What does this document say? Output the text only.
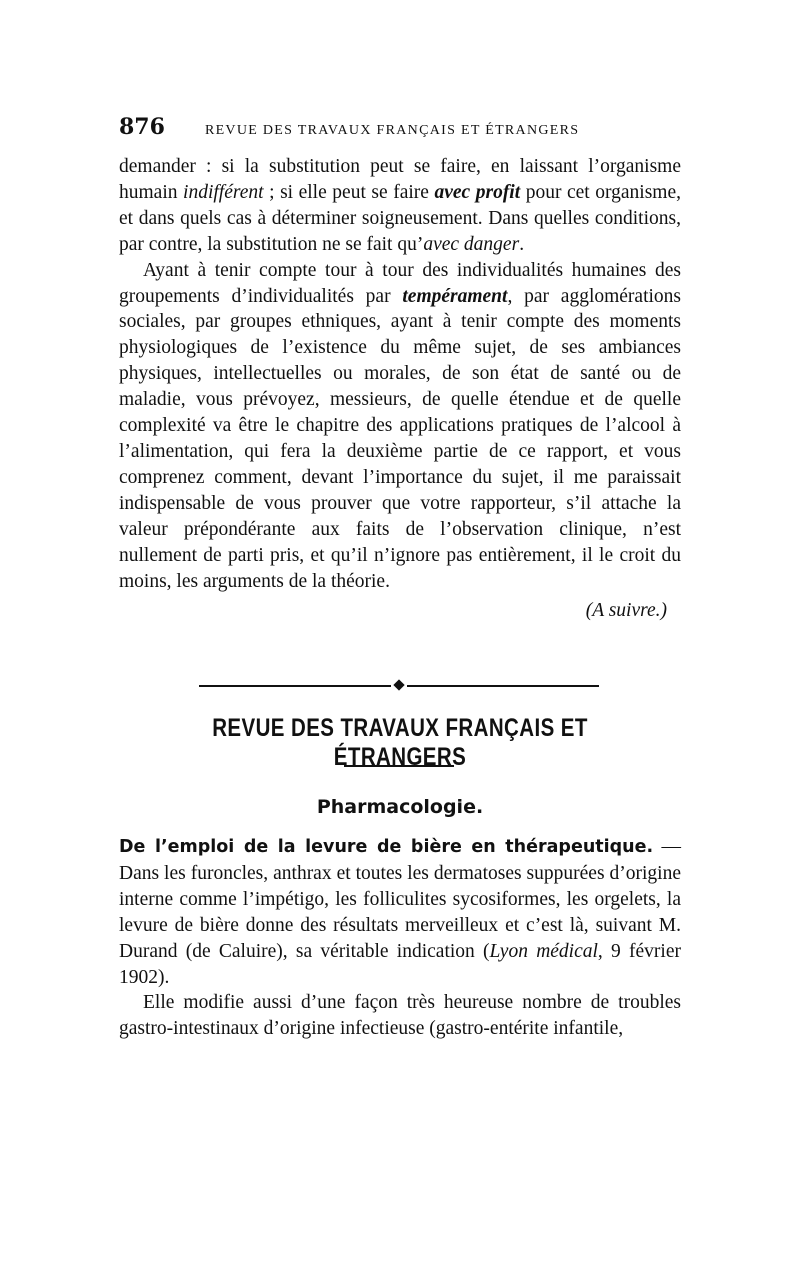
876	REVUE DES TRAVAUX FRANÇAIS ET ÉTRANGERS

demander : si la substitution peut se faire, en laissant l’organisme humain indifférent ; si elle peut se faire avec profit pour cet organisme, et dans quels cas à déterminer soigneusement. Dans quelles conditions, par contre, la substitution ne se fait qu’avec danger.

Ayant à tenir compte tour à tour des individualités humaines des groupements d’individualités par tempérament, par agglomérations sociales, par groupes ethniques, ayant à tenir compte des moments physiologiques de l’existence du même sujet, de ses ambiances physiques, intellectuelles ou morales, de son état de santé ou de maladie, vous prévoyez, messieurs, de quelle étendue et de quelle complexité va être le chapitre des applications pratiques de l’alcool à l’alimentation, qui fera la deuxième partie de ce rapport, et vous comprenez comment, devant l’importance du sujet, il me paraissait indispensable de vous prouver que votre rapporteur, s’il attache la valeur prépondérante aux faits de l’observation clinique, n’est nullement de parti pris, et qu’il n’ignore pas entièrement, il le croit du moins, les arguments de la théorie.

(A suivre.)

REVUE DES TRAVAUX FRANÇAIS ET ÉTRANGERS
Pharmacologie.

De l’emploi de la levure de bière en thérapeutique. — Dans les furoncles, anthrax et toutes les dermatoses suppurées d’origine interne comme l’impétigo, les folliculites sycosiformes, les orgelets, la levure de bière donne des résultats merveilleux et c’est là, suivant M. Durand (de Caluire), sa véritable indication (Lyon médical, 9 février 1902).

Elle modifie aussi d’une façon très heureuse nombre de troubles gastro-intestinaux d’origine infectieuse (gastro-entérite infantile,
